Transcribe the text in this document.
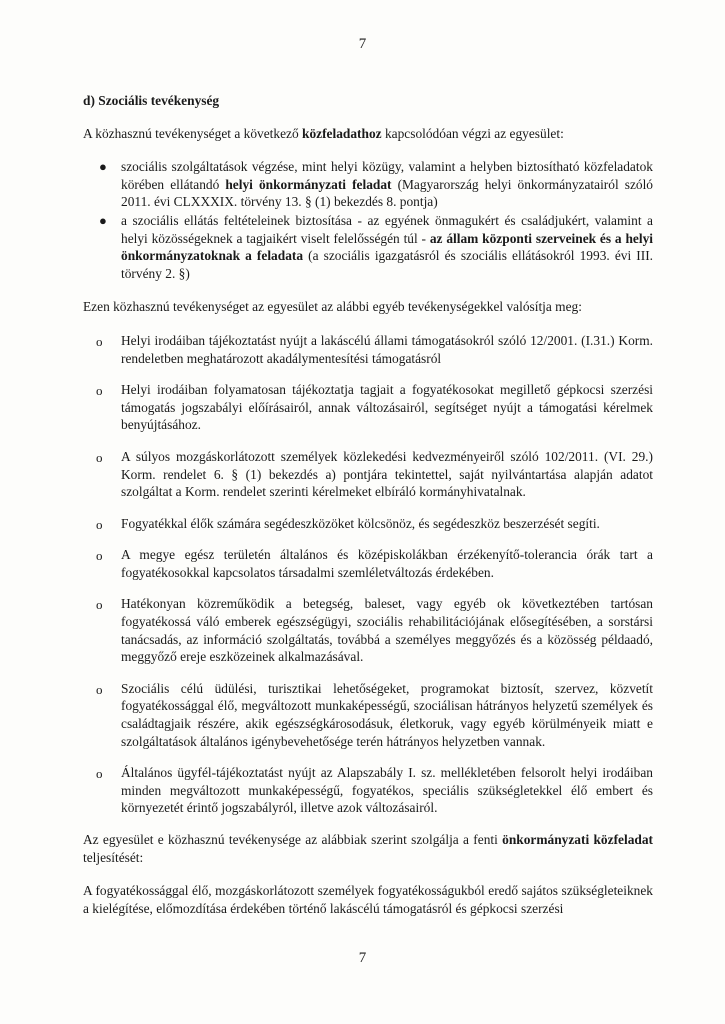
7

d) Szociális tevékenység

A közhasznú tevékenységet a következő közfeladathoz kapcsolódóan végzi az egyesület:

● szociális szolgáltatások végzése, mint helyi közügy, valamint a helyben biztosítható közfeladatok körében ellátandó helyi önkormányzati feladat (Magyarország helyi önkormányzatairól szóló 2011. évi CLXXXIX. törvény 13. § (1) bekezdés 8. pontja)
● a szociális ellátás feltételeinek biztosítása - az egyének önmagukért és családjukért, valamint a helyi közösségeknek a tagjaikért viselt felelősségén túl - az állam központi szerveinek és a helyi önkormányzatoknak a feladata (a szociális igazgatásról és szociális ellátásokról 1993. évi III. törvény 2. §)

Ezen közhasznú tevékenységet az egyesület az alábbi egyéb tevékenységekkel valósítja meg:

o Helyi irodáiban tájékoztatást nyújt a lakáscélú állami támogatásokról szóló 12/2001. (I.31.) Korm. rendeletben meghatározott akadálymentesítési támogatásról
o Helyi irodáiban folyamatosan tájékoztatja tagjait a fogyatékosokat megillető gépkocsi szerzési támogatás jogszabályi előírásairól, annak változásairól, segítséget nyújt a támogatási kérelmek benyújtásához.
o A súlyos mozgáskorlátozott személyek közlekedési kedvezményeiről szóló 102/2011. (VI. 29.) Korm. rendelet 6. § (1) bekezdés a) pontjára tekintettel, saját nyilvántartása alapján adatot szolgáltat a Korm. rendelet szerinti kérelmeket elbíráló kormányhivatalnak.
o Fogyatékkal élők számára segédeszközöket kölcsönöz, és segédeszköz beszerzését segíti.
o A megye egész területén általános és középiskolákban érzékenyítő-tolerancia órák tart a fogyatékosokkal kapcsolatos társadalmi szemléletváltozás érdekében.
o Hatékonyan közreműködik a betegség, baleset, vagy egyéb ok következtében tartósan fogyatékossá váló emberek egészségügyi, szociális rehabilitációjának elősegítésében, a sorstársi tanácsadás, az információ szolgáltatás, továbbá a személyes meggyőzés és a közösség példaadó, meggyőző ereje eszközeinek alkalmazásával.
o Szociális célú üdülési, turisztikai lehetőségeket, programokat biztosít, szervez, közvetít fogyatékossággal élő, megváltozott munkaképességű, szociálisan hátrányos helyzetű személyek és családtagjaik részére, akik egészségkárosodásuk, életkoruk, vagy egyéb körülményeik miatt e szolgáltatások általános igénybevehetősége terén hátrányos helyzetben vannak.
o Általános ügyfél-tájékoztatást nyújt az Alapszabály I. sz. mellékletében felsorolt helyi irodáiban minden megváltozott munkaképességű, fogyatékos, speciális szükségletekkel élő embert és környezetét érintő jogszabályról, illetve azok változásairól.

Az egyesület e közhasznú tevékenysége az alábbiak szerint szolgálja a fenti önkormányzati közfeladat teljesítését:

A fogyatékossággal élő, mozgáskorlátozott személyek fogyatékosságukból eredő sajátos szükségleteiknek a kielégítése, előmozdítása érdekében történő lakáscélú támogatásról és gépkocsi szerzési

7
